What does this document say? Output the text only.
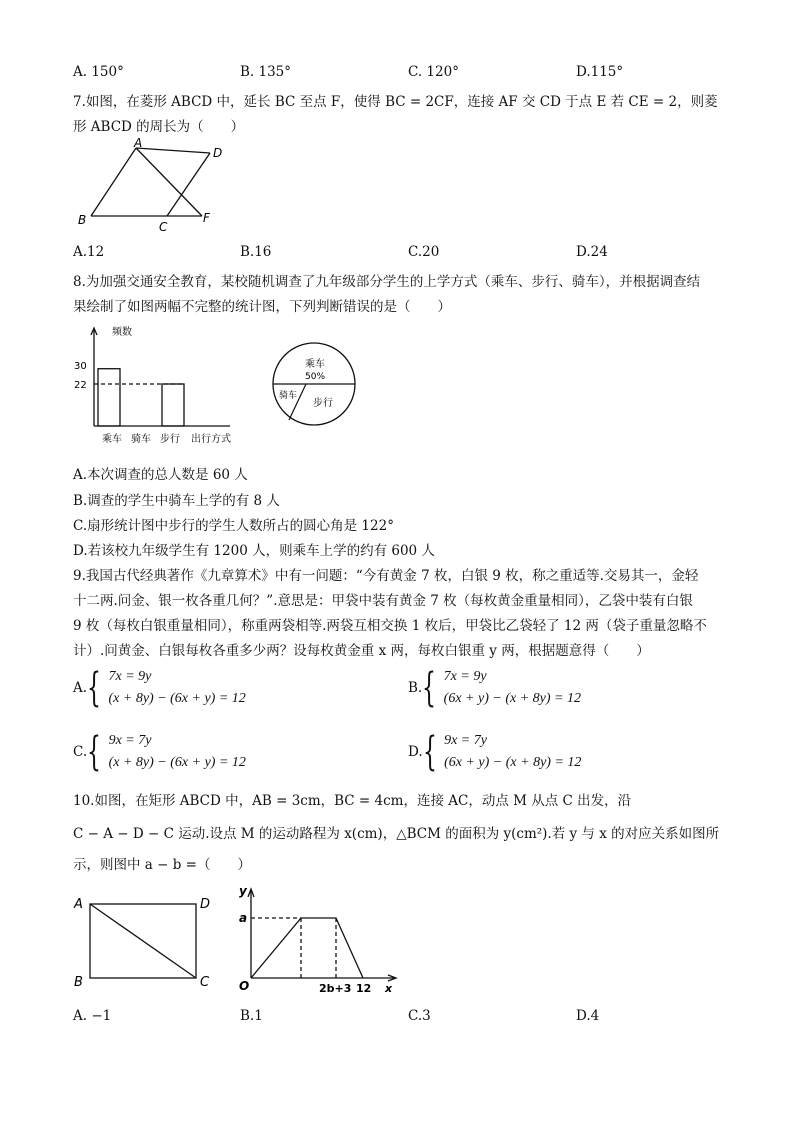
A. 150°	B. 135°	C. 120°	D.115°
7.如图，在菱形 ABCD 中，延长 BC 至点 F，使得 BC = 2CF，连接 AF 交 CD 于点 E 若 CE = 2，则菱
形 ABCD 的周长为（　　）
A
D
B	C
F
A.12	B.16	C.20	D.24
8.为加强交通安全教育，某校随机调查了九年级部分学生的上学方式（乘车、步行、骑车），并根据调查结
果绘制了如图两幅不完整的统计图，下列判断错误的是（　　）
频数
30
22
乘车 骑车 步行 出行方式
乘车
50%
骑车
步行
A.本次调查的总人数是 60 人
B.调查的学生中骑车上学的有 8 人
C.扇形统计图中步行的学生人数所占的圆心角是 122°
D.若该校九年级学生有 1200 人，则乘车上学的约有 600 人
9.我国古代经典著作《九章算术》中有一问题：“今有黄金 7 枚，白银 9 枚，称之重适等.交易其一，金轻
十二两.问金、银一枚各重几何？”.意思是：甲袋中装有黄金 7 枚（每枚黄金重量相同），乙袋中装有白银
9 枚（每枚白银重量相同），称重两袋相等.两袋互相交换 1 枚后，甲袋比乙袋轻了 12 两（袋子重量忽略不
计）.问黄金、白银每枚各重多少两？设每枚黄金重 x 两，每枚白银重 y 两，根据题意得（　　）
A. { 7x = 9y
(x + 8y) − (6x + y) = 12
B. { 7x = 9y
(6x + y) − (x + 8y) = 12
C. { 9x = 7y
(x + 8y) − (6x + y) = 12
D. { 9x = 7y
(6x + y) − (x + 8y) = 12
10.如图，在矩形 ABCD 中，AB = 3cm，BC = 4cm，连接 AC，动点 M 从点 C 出发，沿
C − A − D − C 运动.设点 M 的运动路程为 x(cm)，△BCM 的面积为 y(cm²).若 y 与 x 的对应关系如图所
示，则图中 a − b =（　　）
A	D
B	C
y
a
O	2b+3 12 x
A. −1	B.1	C.3	D.4
